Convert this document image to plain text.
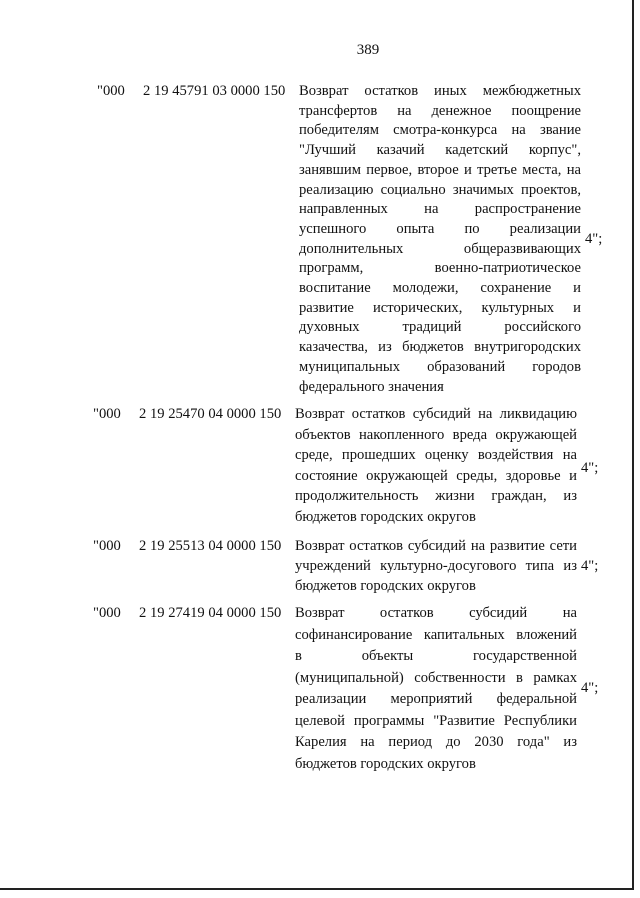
389
"000	2 19 45791 03 0000 150 Возврат остатков иных межбюджетных
трансфертов на денежное поощрение
победителям смотра-конкурса на звание
"Лучший казачий кадетский корпус",
занявшим первое, второе и третье места, на
реализацию социально значимых проектов,
направленных на распространение
успешного опыта по реализации
дополнительных общеразвивающих
программ, военно-патриотическое
воспитание молодежи, сохранение и
развитие исторических, культурных и
духовных традиций российского
казачества, из бюджетов внутригородских
муниципальных образований городов
федерального значения
4";
"000	2 19 25470 04 0000 150 Возврат остатков субсидий на ликвидацию
объектов накопленного вреда окружающей
среде, прошедших оценку воздействия на
состояние окружающей среды, здоровье и
продолжительность жизни граждан, из
бюджетов городских округов
4";
"000	2 19 25513 04 0000 150 Возврат остатков субсидий на развитие сети
учреждений культурно-досугового типа из
бюджетов городских округов
4";
"000	2 19 27419 04 0000 150 Возврат остатков субсидий на
софинансирование капитальных вложений
в объекты государственной
(муниципальной) собственности в рамках
реализации мероприятий федеральной
целевой программы "Развитие Республики
Карелия на период до 2030 года" из
бюджетов городских округов
4";
